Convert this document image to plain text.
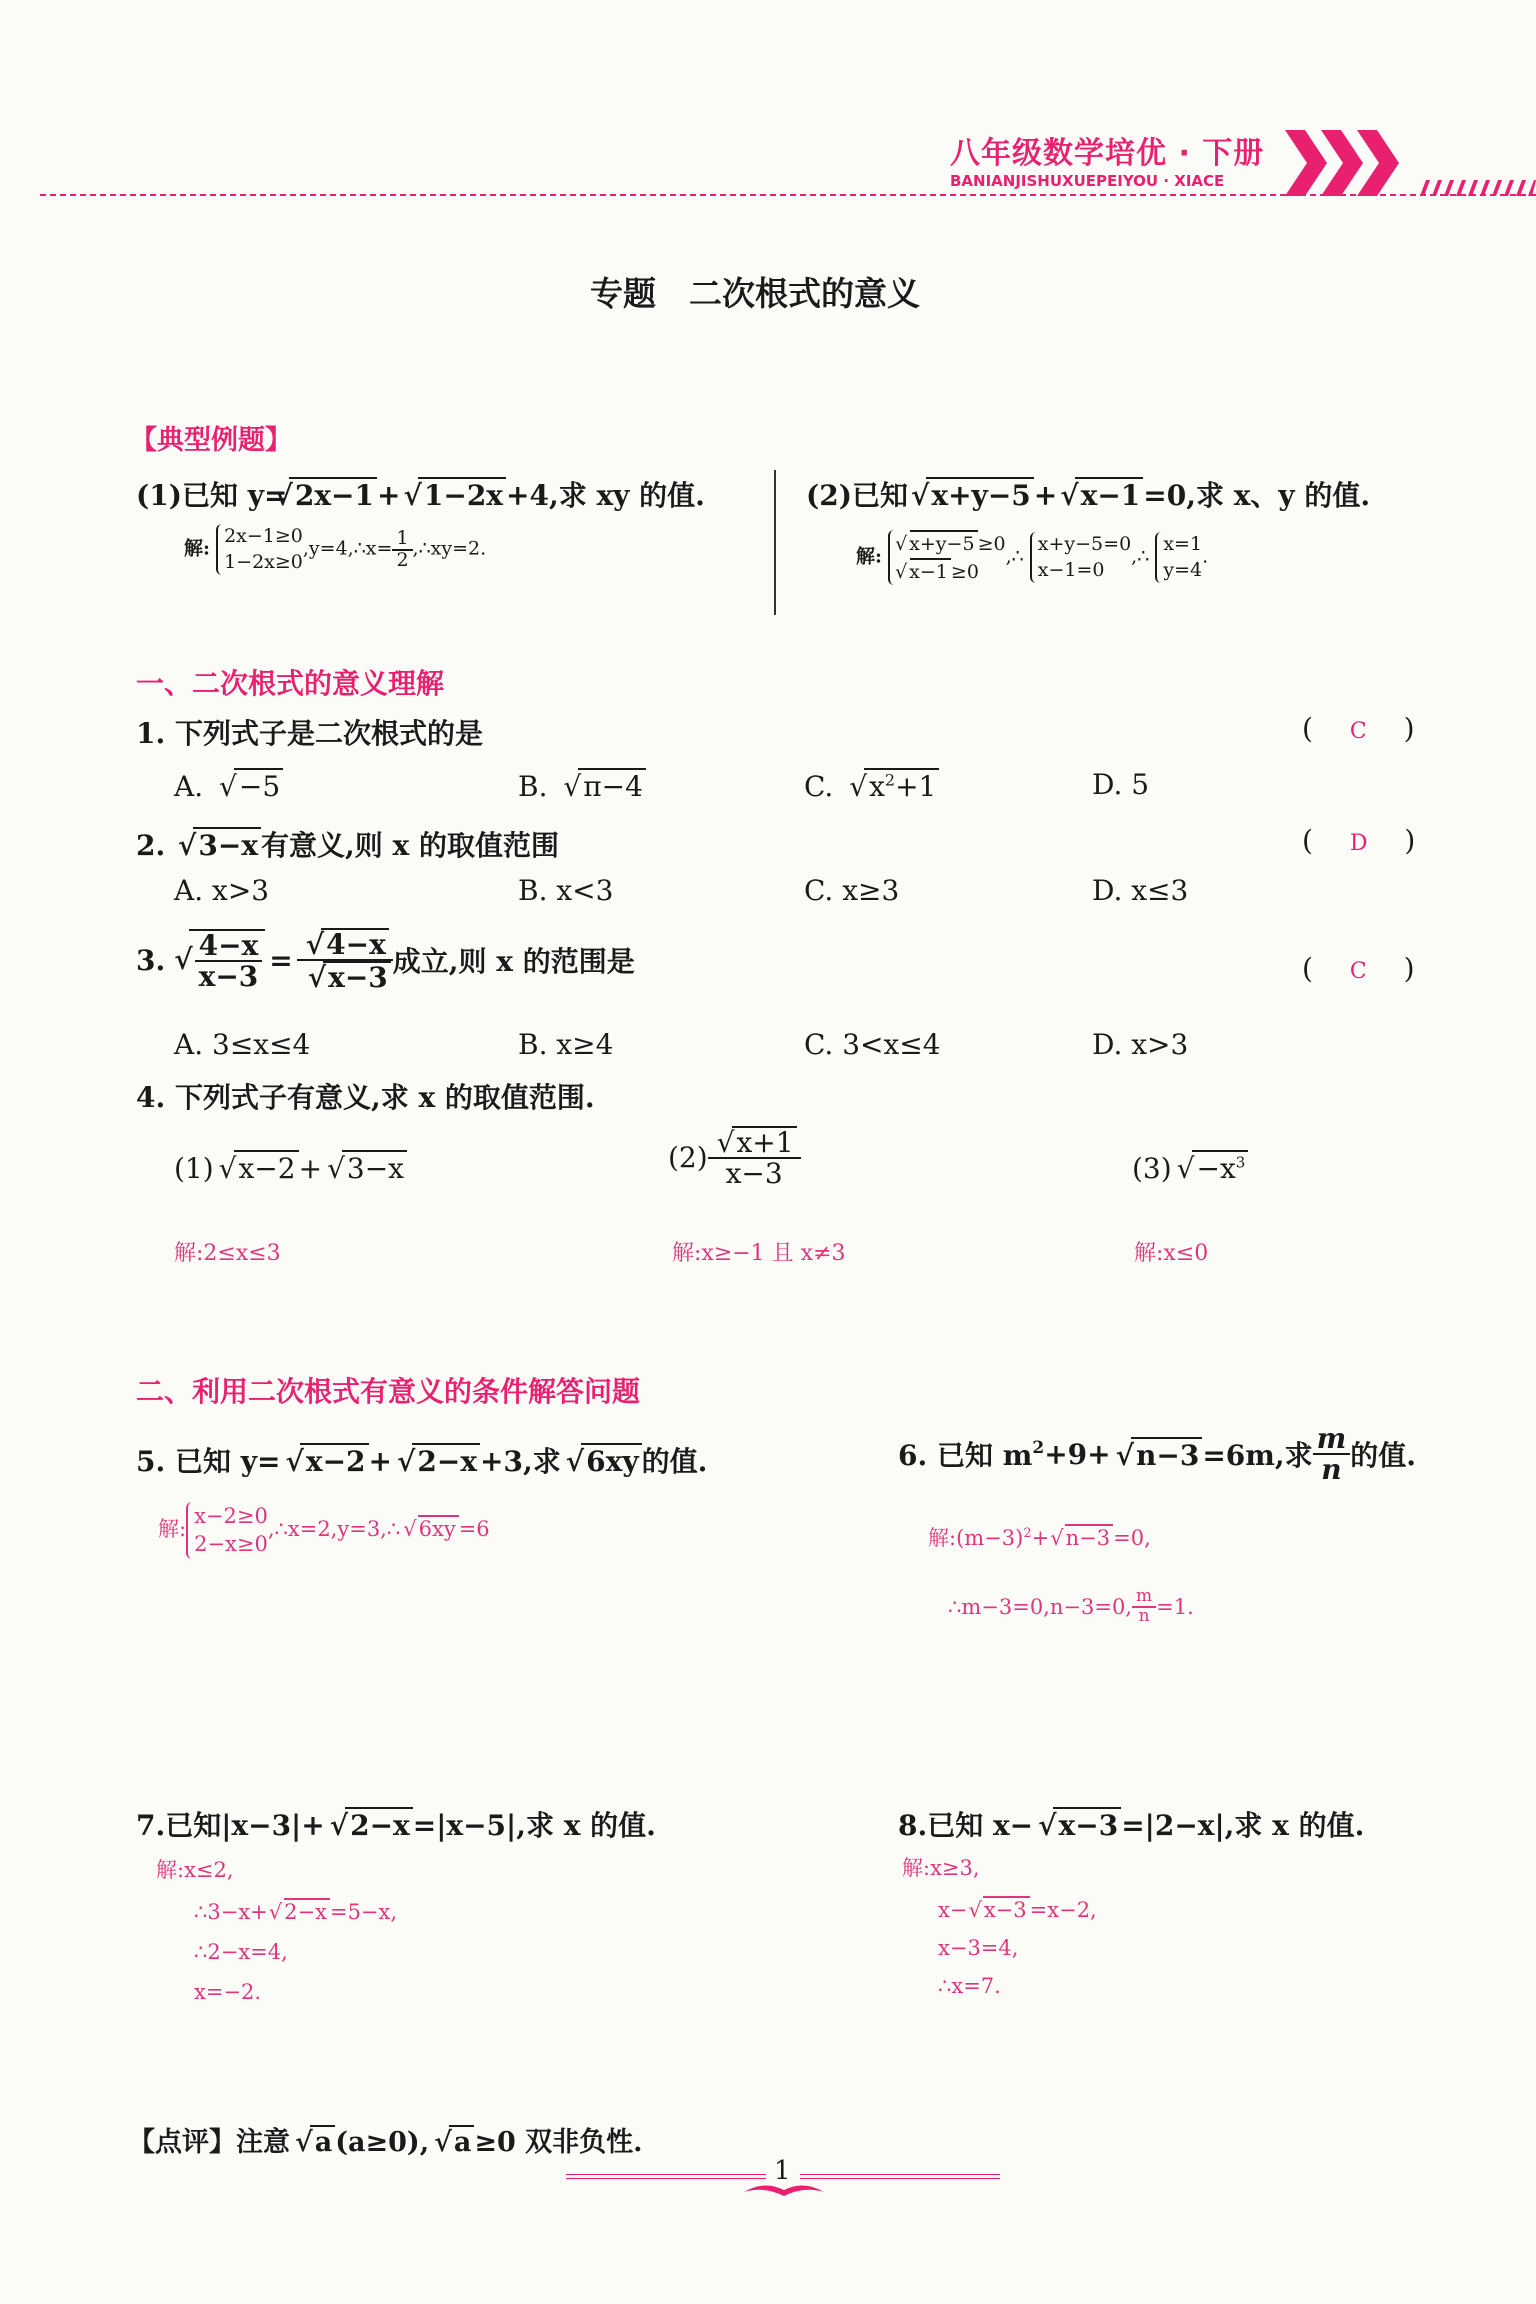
八年级数学培优 · 下册
BANIANJISHUXUEPEIYOU · XIACE
专题　二次根式的意义
【典型例题】
(1)已知 y=√ 2x−1 +√ 1−2x +4,求 xy 的值.
解:
2x−1≥0
1−2x≥0
,y=4,∴x= $\frac{1}{2}$ ,∴xy=2.
(2)已知√ x+y−5 +√ x−1 =0,求 x、y 的值.
解:
√ x+y−5 ≥0
√ x−1 ≥0
,∴
x+y−5=0
x−1=0
,∴
x=1
y=4
.
一、二次根式的意义理解
1. 下列式子是二次根式的是	( C )
A. √ −5	B. √ π−4	C. √ $x^2+1$	D. 5
2. √ 3−x 有意义,则 x 的取值范围	( D )
A. x>3	B. x<3	C. x≥3	D. x≤3
3.
√ $\frac{4-x}{x-3}$ =
√ 4−x
√ x−3 成立,则 x 的范围是	( C )
A. 3≤x≤4	B. x≥4	C. 3<x≤4	D. x>3
4. 下列式子有意义,求 x 的取值范围.
(1)√ x−2 +√ 3−x	(2)
√ $\frac{x+1}{x-3}$	$(3)√ -x^3$
解:2≤x≤3	解:x≥−1 且 x≠3	解:x≤0
二、利用二次根式有意义的条件解答问题
5. 已知 y=√ x−2 +√ 2−x +3,求√ 6xy 的值.
解:
x−2≥0
2−x≥0
,∴x=2,y=3,∴√ 6xy =6
6. 已知 $m^2 +9+$
√ n−3 =6m,求 $\frac{m}{n}$ 的值.
解$:(m-3)^2+√$ n−3 =0,
∴m−3=0,n−3=0, $\frac{m}{n} =1$.
7.已知|x−3|+√ 2−x =|x−5|,求 x 的值.
解:x≤2,
∴3−x+√ 2−x =5−x,
∴2−x=4,
x=−2.
8.已知 x−√ x−3 =|2−x|,求 x 的值.
解:x≥3,
x−√ x−3 =x−2,
x−3=4,
∴x=7.
【点评】注意√ a (a≥0),√ a ≥0 双非负性.
1
